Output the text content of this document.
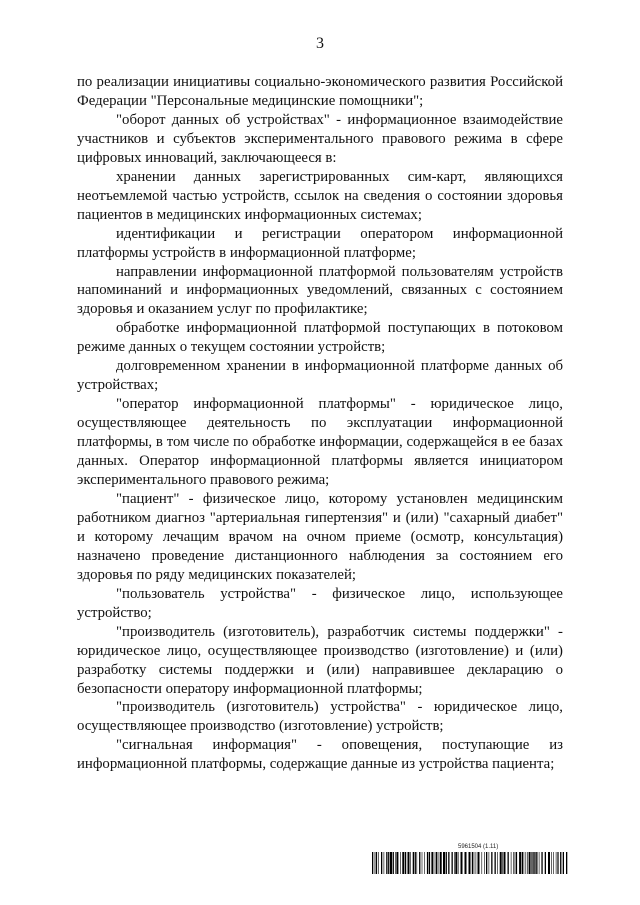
3

по реализации инициативы социально-экономического развития Российской Федерации "Персональные медицинские помощники";

"оборот данных об устройствах" - информационное взаимодействие участников и субъектов экспериментального правового режима в сфере цифровых инноваций, заключающееся в:

хранении данных зарегистрированных сим-карт, являющихся неотъемлемой частью устройств, ссылок на сведения о состоянии здоровья пациентов в медицинских информационных системах;

идентификации и регистрации оператором информационной платформы устройств в информационной платформе;

направлении информационной платформой пользователям устройств напоминаний и информационных уведомлений, связанных с состоянием здоровья и оказанием услуг по профилактике;

обработке информационной платформой поступающих в потоковом режиме данных о текущем состоянии устройств;

долговременном хранении в информационной платформе данных об устройствах;

"оператор информационной платформы" - юридическое лицо, осуществляющее деятельность по эксплуатации информационной платформы, в том числе по обработке информации, содержащейся в ее базах данных. Оператор информационной платформы является инициатором экспериментального правового режима;

"пациент" - физическое лицо, которому установлен медицинским работником диагноз "артериальная гипертензия" и (или) "сахарный диабет" и которому лечащим врачом на очном приеме (осмотр, консультация) назначено проведение дистанционного наблюдения за состоянием его здоровья по ряду медицинских показателей;

"пользователь устройства" - физическое лицо, использующее устройство;

"производитель (изготовитель), разработчик системы поддержки" - юридическое лицо, осуществляющее производство (изготовление) и (или) разработку системы поддержки и (или) направившее декларацию о безопасности оператору информационной платформы;

"производитель (изготовитель) устройства" - юридическое лицо, осуществляющее производство (изготовление) устройств;

"сигнальная информация" - оповещения, поступающие из информационной платформы, содержащие данные из устройства пациента;

5961504 (1.11)
